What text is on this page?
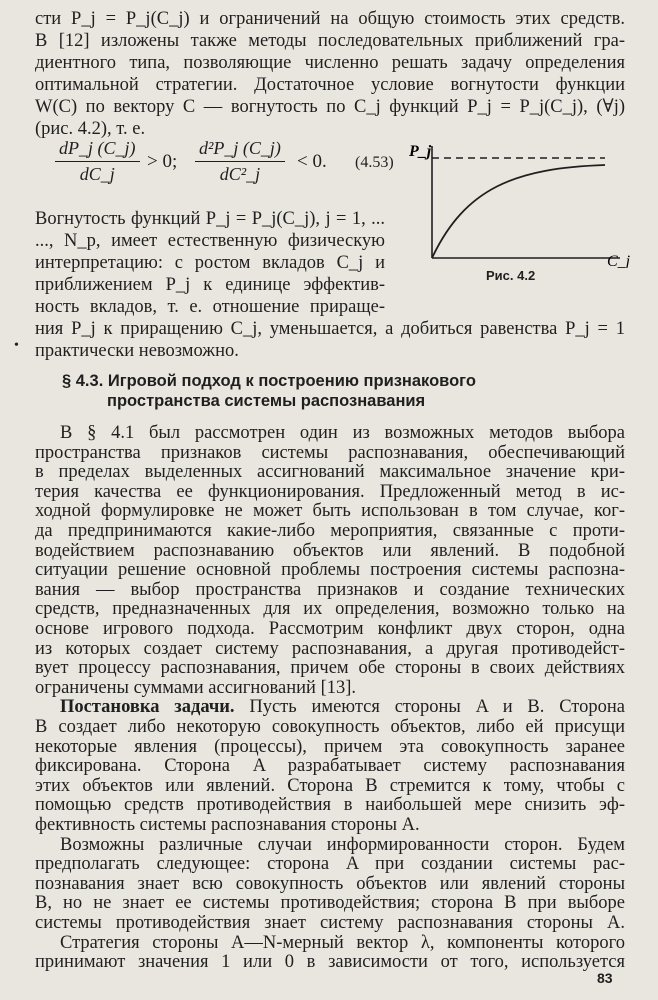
сти P_j = P_j(C_j) и ограничений на общую стоимость этих средств.
В [12] изложены также методы последовательных приближений гра-
диентного типа, позволяющие численно решать задачу определения
оптимальной стратегии. Достаточное условие вогнутости функции
W(C) по вектору C — вогнутость по C_j функций P_j = P_j(C_j), (∀j)
(рис. 4.2), т. е.
$\frac{dP\_j (C\_j)}{dC\_j} > 0$; $\frac{\text{d²P\_j (C\_j)}}{\text{dC²\_j}} < 0$. (4.53)
P_j
C_j
Рис. 4.2
Вогнутость функций P_j = P_j(C_j), j = 1, ...
..., N_p, имеет естественную физическую
интерпретацию: с ростом вкладов C_j и
приближением P_j к единице эффектив-
ность вкладов, т. е. отношение прираще-
ния P_j к приращению C_j, уменьшается, а добиться равенства P_j = 1
• практически невозможно.
§ 4.3. Игровой подход к построению признакового
пространства системы распознавания
В § 4.1 был рассмотрен один из возможных методов выбора
пространства признаков системы распознавания, обеспечивающий
в пределах выделенных ассигнований максимальное значение кри-
терия качества ее функционирования. Предложенный метод в ис-
ходной формулировке не может быть использован в том случае, ког-
да предпринимаются какие-либо мероприятия, связанные с проти-
водействием распознаванию объектов или явлений. В подобной
ситуации решение основной проблемы построения системы распозна-
вания — выбор пространства признаков и создание технических
средств, предназначенных для их определения, возможно только на
основе игрового подхода. Рассмотрим конфликт двух сторон, одна
из которых создает систему распознавания, а другая противодейст-
вует процессу распознавания, причем обе стороны в своих действиях
ограничены суммами ассигнований [13].
Постановка задачи. Пусть имеются стороны A и B. Сторона
B создает либо некоторую совокупность объектов, либо ей присущи
некоторые явления (процессы), причем эта совокупность заранее
фиксирована. Сторона A разрабатывает систему распознавания
этих объектов или явлений. Сторона B стремится к тому, чтобы с
помощью средств противодействия в наибольшей мере снизить эф-
фективность системы распознавания стороны A.
Возможны различные случаи информированности сторон. Будем
предполагать следующее: сторона A при создании системы рас-
познавания знает всю совокупность объектов или явлений стороны
B, но не знает ее системы противодействия; сторона B при выборе
системы противодействия знает систему распознавания стороны A.
Стратегия стороны A—N-мерный вектор λ, компоненты которого
принимают значения 1 или 0 в зависимости от того, используется
83
